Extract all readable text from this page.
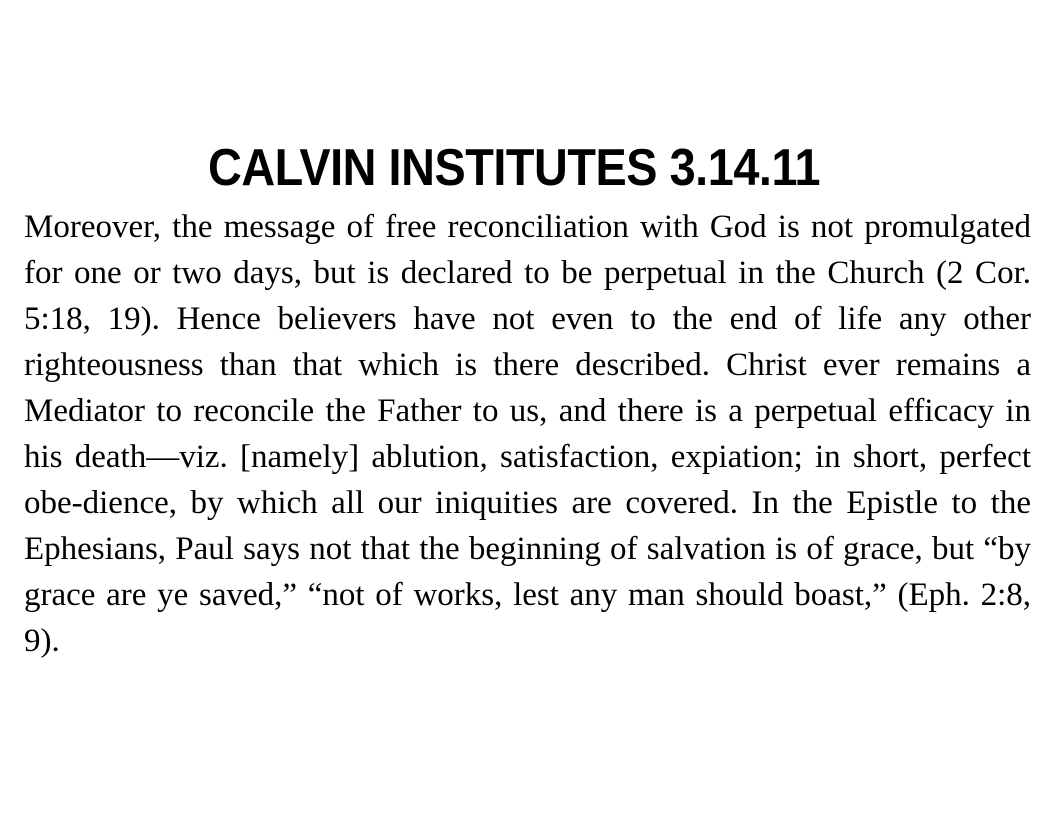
CALVIN INSTITUTES 3.14.11

Moreover, the message of free reconciliation with God is not promulgated for one or two days, but is declared to be perpetual in the Church (2 Cor. 5:18, 19). Hence believers have not even to the end of life any other righteousness than that which is there described. Christ ever remains a Mediator to reconcile the Father to us, and there is a perpetual efficacy in his death—viz. [namely] ablution, satisfaction, expiation; in short, perfect obe-dience, by which all our iniquities are covered. In the Epistle to the Ephesians, Paul says not that the beginning of salvation is of grace, but “by grace are ye saved,” “not of works, lest any man should boast,” (Eph. 2:8, 9).
